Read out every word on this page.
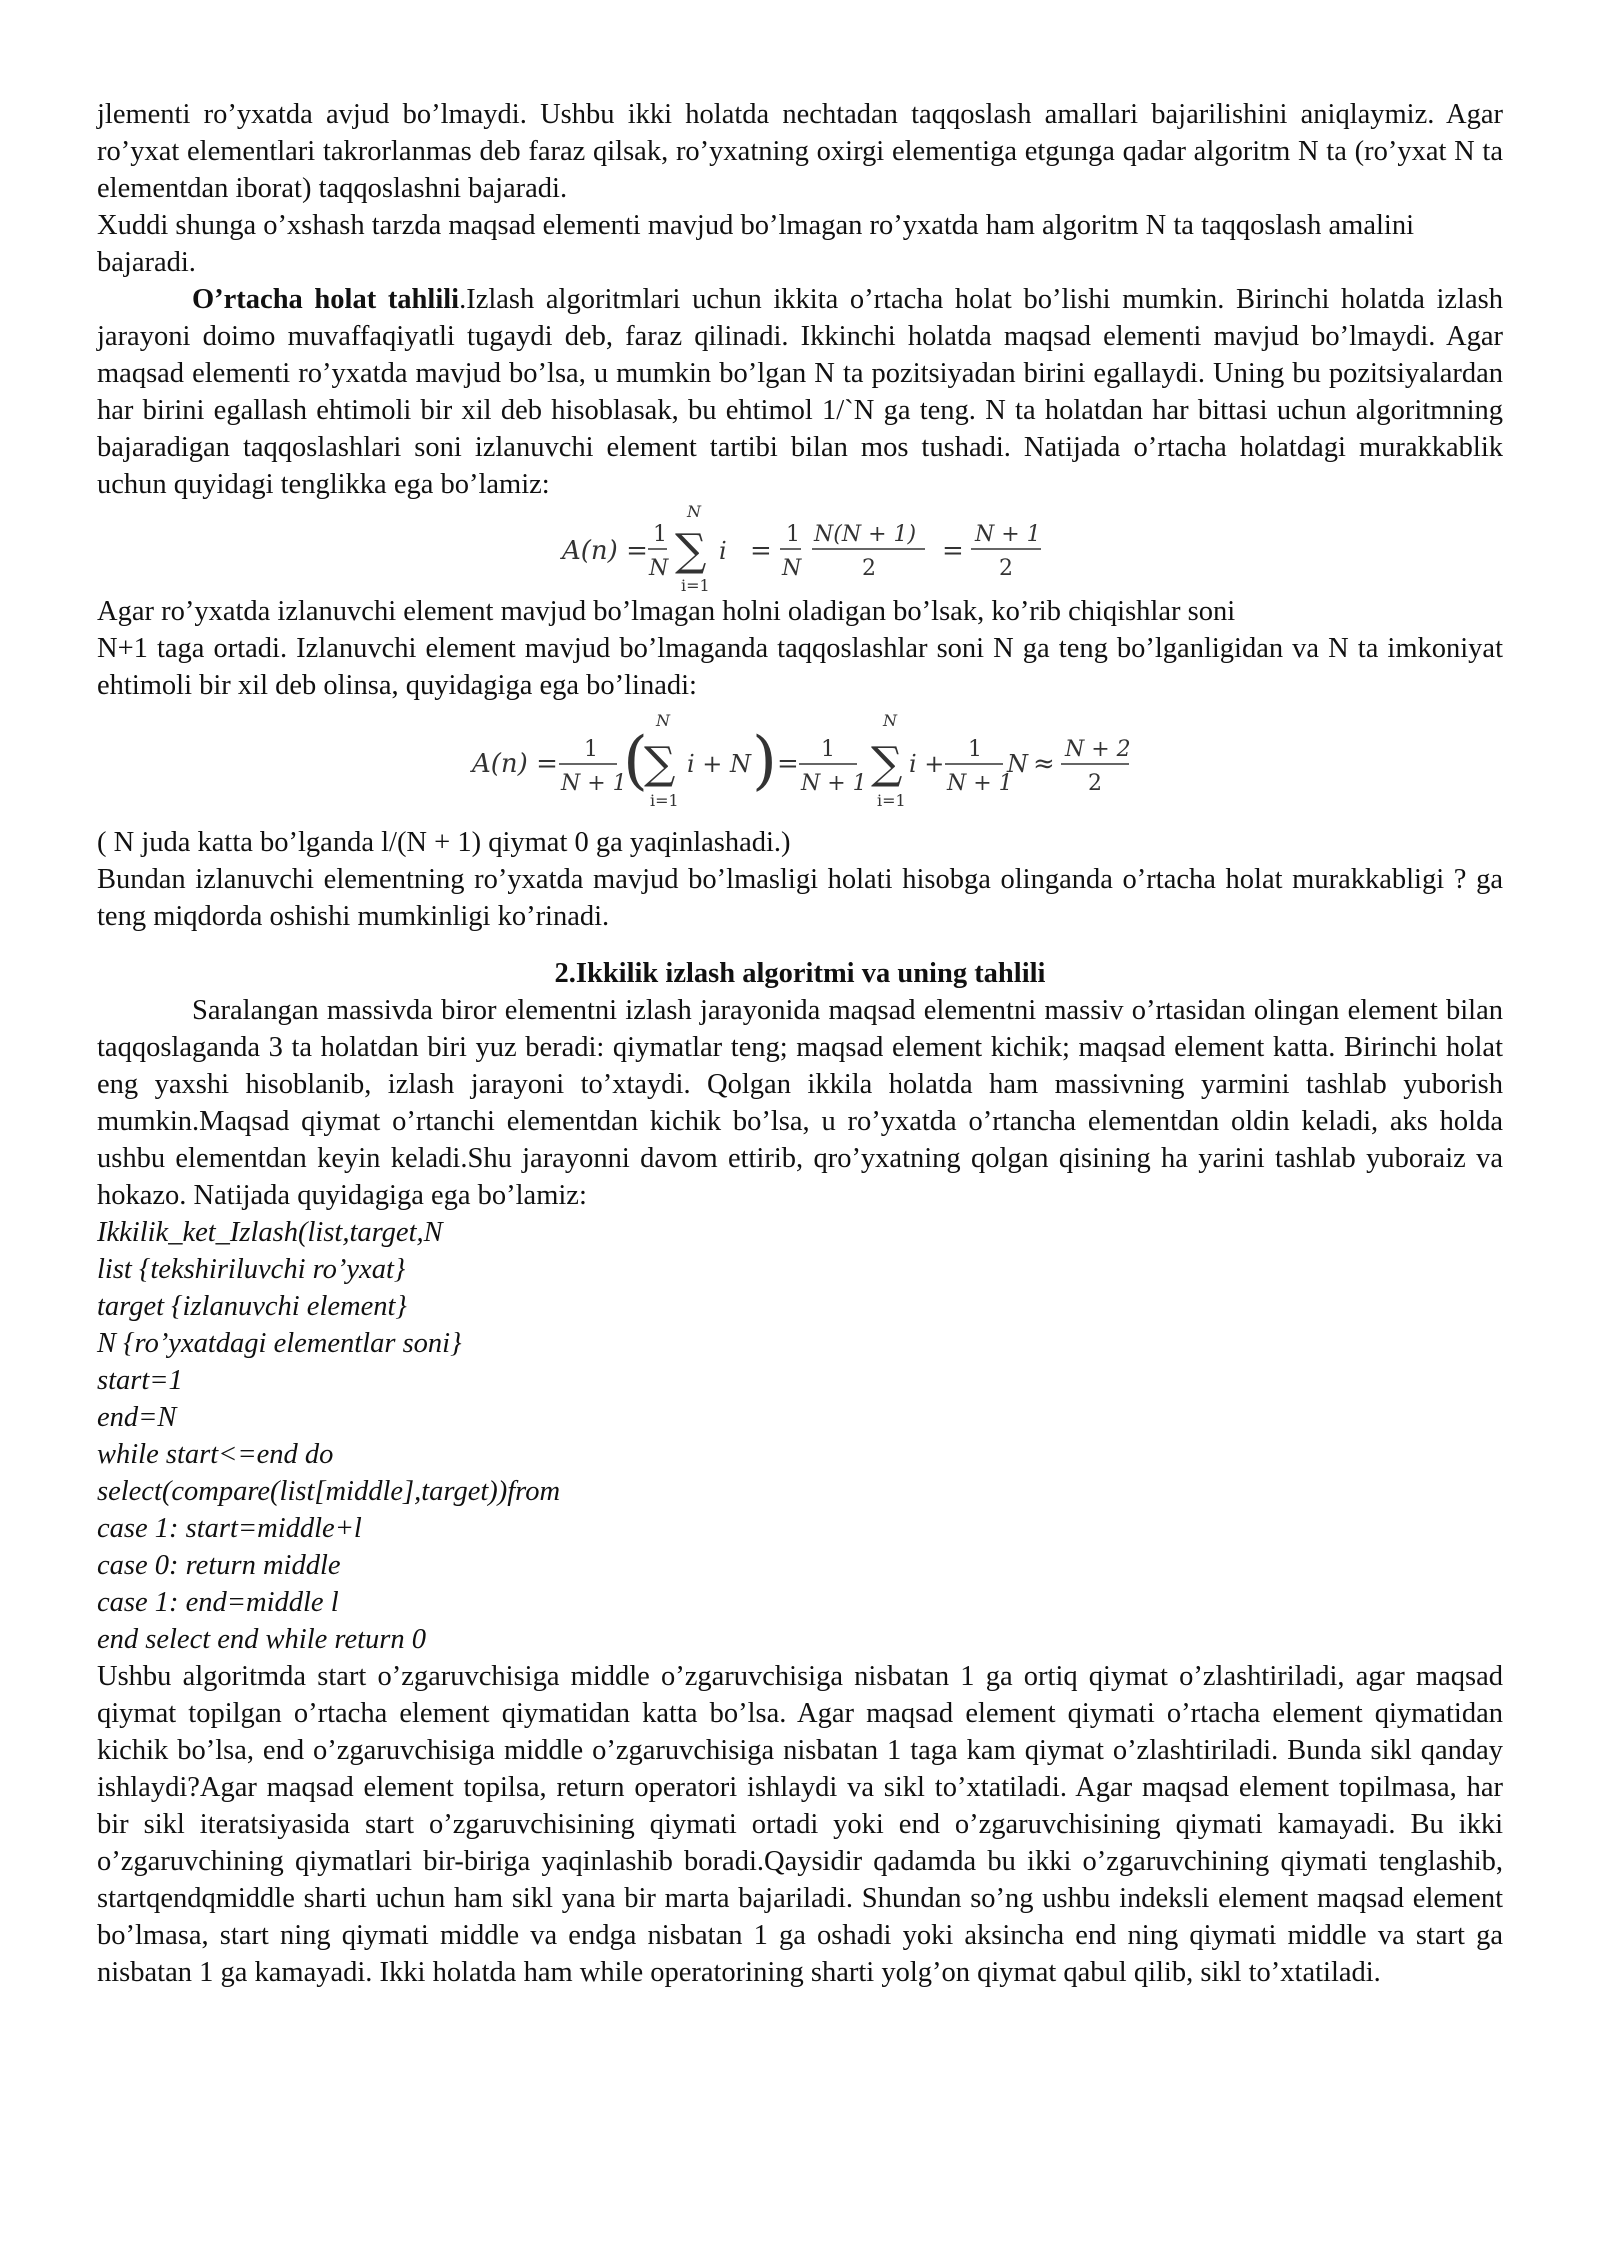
jlementi ro’yxatda avjud bo’lmaydi. Ushbu ikki holatda nechtadan taqqoslash amallari bajarilishini aniqlaymiz. Agar ro’yxat elementlari takrorlanmas deb faraz qilsak, ro’yxatning oxirgi elementiga etgunga qadar algoritm N ta (ro’yxat N ta elementdan iborat) taqqoslashni bajaradi.

Xuddi shunga o’xshash tarzda maqsad elementi mavjud bo’lmagan ro’yxatda ham algoritm N ta taqqoslash amalini bajaradi.

O’rtacha holat tahlili.Izlash algoritmlari uchun ikkita o’rtacha holat bo’lishi mumkin. Birinchi holatda izlash jarayoni doimo muvaffaqiyatli tugaydi deb, faraz qilinadi. Ikkinchi holatda maqsad elementi mavjud bo’lmaydi. Agar maqsad elementi ro’yxatda mavjud bo’lsa, u mumkin bo’lgan N ta pozitsiyadan birini egallaydi. Uning bu pozitsiyalardan har birini egallash ehtimoli bir xil deb hisoblasak, bu ehtimol 1/`N ga teng. N ta holatdan har bittasi uchun algoritmning bajaradigan taqqoslashlari soni izlanuvchi element tartibi bilan mos tushadi. Natijada o’rtacha holatdagi murakkablik uchun quyidagi tenglikka ega bo’lamiz:

A(n) =
1
N
N
∑
i=1
i =
1
N
N(N + 1)
2
=
N + 1
2

Agar ro’yxatda izlanuvchi element mavjud bo’lmagan holni oladigan bo’lsak, ko’rib chiqishlar soni

N+1 taga ortadi. Izlanuvchi element mavjud bo’lmaganda taqqoslashlar soni N ga teng bo’lganligidan va N ta imkoniyat ehtimoli bir xil deb olinsa, quyidagiga ega bo’linadi:

A(n) = 1
N + 1
(
N
∑
i=1
i + N ) = 1
N + 1
N
∑
i=1
i +
1
N + 1
N ≈ N + 2
2

( N juda katta bo’lganda l/(N + 1) qiymat 0 ga yaqinlashadi.)

Bundan izlanuvchi elementning ro’yxatda mavjud bo’lmasligi holati hisobga olinganda o’rtacha holat murakkabligi ? ga teng miqdorda oshishi mumkinligi ko’rinadi.

2.Ikkilik izlash algoritmi va uning tahlili

Saralangan massivda biror elementni izlash jarayonida maqsad elementni massiv o’rtasidan olingan element bilan taqqoslaganda 3 ta holatdan biri yuz beradi: qiymatlar teng; maqsad element kichik; maqsad element katta. Birinchi holat eng yaxshi hisoblanib, izlash jarayoni to’xtaydi. Qolgan ikkila holatda ham massivning yarmini tashlab yuborish mumkin.Maqsad qiymat o’rtanchi elementdan kichik bo’lsa, u ro’yxatda o’rtancha elementdan oldin keladi, aks holda ushbu elementdan keyin keladi.Shu jarayonni davom ettirib, qro’yxatning qolgan qisining ha yarini tashlab yuboraiz va hokazo. Natijada quyidagiga ega bo’lamiz:

Ikkilik_ket_Izlash(list,target,N
list {tekshiriluvchi ro’yxat}
target {izlanuvchi element}
N {ro’yxatdagi elementlar soni}
start=1
end=N
while start<=end do
select(compare(list[middle],target))from
case 1: start=middle+l
case 0: return middle
case 1: end=middle l
end select end while return 0

Ushbu algoritmda start o’zgaruvchisiga middle o’zgaruvchisiga nisbatan 1 ga ortiq qiymat o’zlashtiriladi, agar maqsad qiymat topilgan o’rtacha element qiymatidan katta bo’lsa. Agar maqsad element qiymati o’rtacha element qiymatidan kichik bo’lsa, end o’zgaruvchisiga middle o’zgaruvchisiga nisbatan 1 taga kam qiymat o’zlashtiriladi. Bunda sikl qanday ishlaydi?Agar maqsad element topilsa, return operatori ishlaydi va sikl to’xtatiladi. Agar maqsad element topilmasa, har bir sikl iteratsiyasida start o’zgaruvchisining qiymati ortadi yoki end o’zgaruvchisining qiymati kamayadi. Bu ikki o’zgaruvchining qiymatlari bir-biriga yaqinlashib boradi.Qaysidir qadamda bu ikki o’zgaruvchining qiymati tenglashib, startqendqmiddle sharti uchun ham sikl yana bir marta bajariladi. Shundan so’ng ushbu indeksli element maqsad element bo’lmasa, start ning qiymati middle va endga nisbatan 1 ga oshadi yoki aksincha end ning qiymati middle va start ga nisbatan 1 ga kamayadi. Ikki holatda ham while operatorining sharti yolg’on qiymat qabul qilib, sikl to’xtatiladi.
